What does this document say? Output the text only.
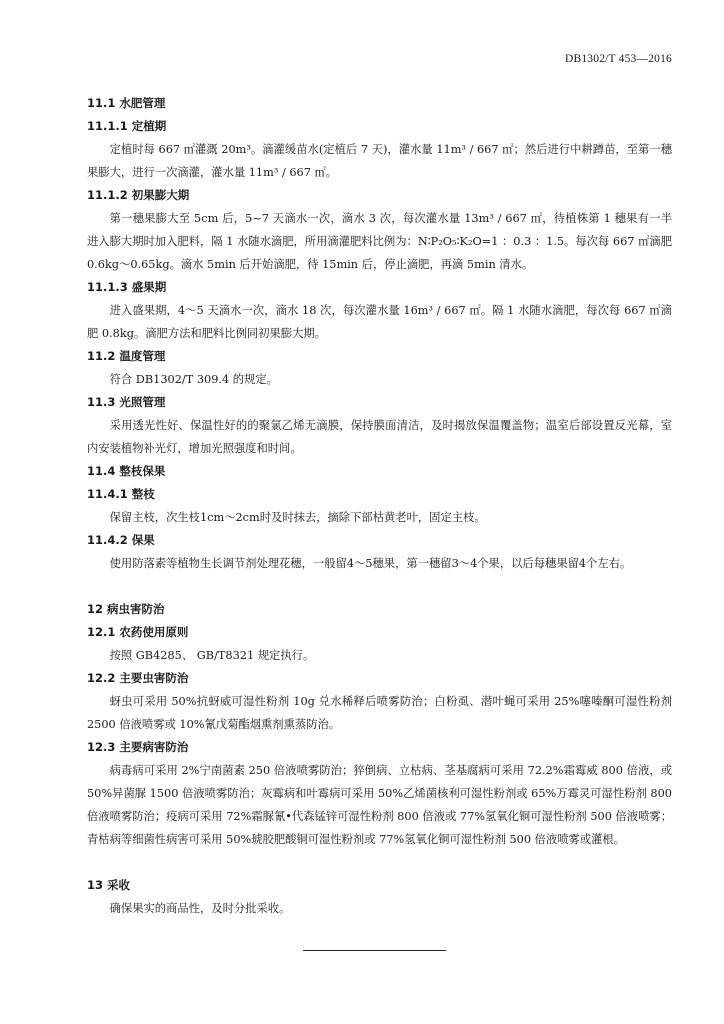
DB1302/T 453—2016
11.1 水肥管理
11.1.1 定植期

定植时每 667 ㎡灌溉 20m³。滴灌缓苗水(定植后 7 天)，灌水量 11m³ / 667 ㎡；然后进行中耕蹲苗，至第一穗果膨大，进行一次滴灌，灌水量 11m³ / 667 ㎡。

11.1.2 初果膨大期

第一穗果膨大至 5cm 后，5~7 天滴水一次，滴水 3 次，每次灌水量 13m³ / 667 ㎡，待植株第 1 穗果有一半进入膨大期时加入肥料，隔 1 水随水滴肥，所用滴灌肥料比例为：N∶P₂O₅∶K₂O=1 ：0.3 ：1.5。每次每 667 ㎡滴肥 0.6kg～0.65kg。滴水 5min 后开始滴肥，待 15min 后，停止滴肥，再滴 5min 清水。

11.1.3 盛果期

进入盛果期，4～5 天滴水一次，滴水 18 次，每次灌水量 16m³ / 667 ㎡。隔 1 水随水滴肥，每次每 667 ㎡滴肥 0.8kg。滴肥方法和肥料比例同初果膨大期。

11.2 温度管理

符合 DB1302/T 309.4 的规定。

11.3 光照管理

采用透光性好、保温性好的的聚氯乙烯无滴膜，保持膜面清洁，及时揭放保温覆盖物；温室后部设置反光幕，室内安装植物补光灯，增加光照强度和时间。

11.4 整枝保果
11.4.1 整枝

保留主枝，次生枝1cm～2cm时及时抹去，摘除下部枯黄老叶，固定主枝。

11.4.2 保果

使用防落素等植物生长调节剂处理花穗，一般留4～5穗果，第一穗留3～4个果，以后每穗果留4个左右。

12 病虫害防治
12.1 农药使用原则

按照 GB4285、 GB/T8321 规定执行。

12.2 主要虫害防治

蚜虫可采用 50%抗蚜威可湿性粉剂 10g 兑水稀释后喷雾防治；白粉虱、潜叶蝇可采用 25%噻嗪酮可湿性粉剂 2500 倍液喷雾或 10%氰戊菊酯烟熏剂熏蒸防治。

12.3 主要病害防治

病毒病可采用 2%宁南菌素 250 倍液喷雾防治；猝倒病、立枯病、茎基腐病可采用 72.2%霜霉威 800 倍液，或 50%异菌脲 1500 倍液喷雾防治；灰霉病和叶霉病可采用 50%乙烯菌核利可湿性粉剂或 65%万霉灵可湿性粉剂 800 倍液喷雾防治；疫病可采用 72%霜脲氰•代森锰锌可湿性粉剂 800 倍液或 77%氢氧化铜可湿性粉剂 500 倍液喷雾；青枯病等细菌性病害可采用 50%琥胶肥酸铜可湿性粉剂或 77%氢氧化铜可湿性粉剂 500 倍液喷雾或灌根。

13 采收

确保果实的商品性，及时分批采收。
